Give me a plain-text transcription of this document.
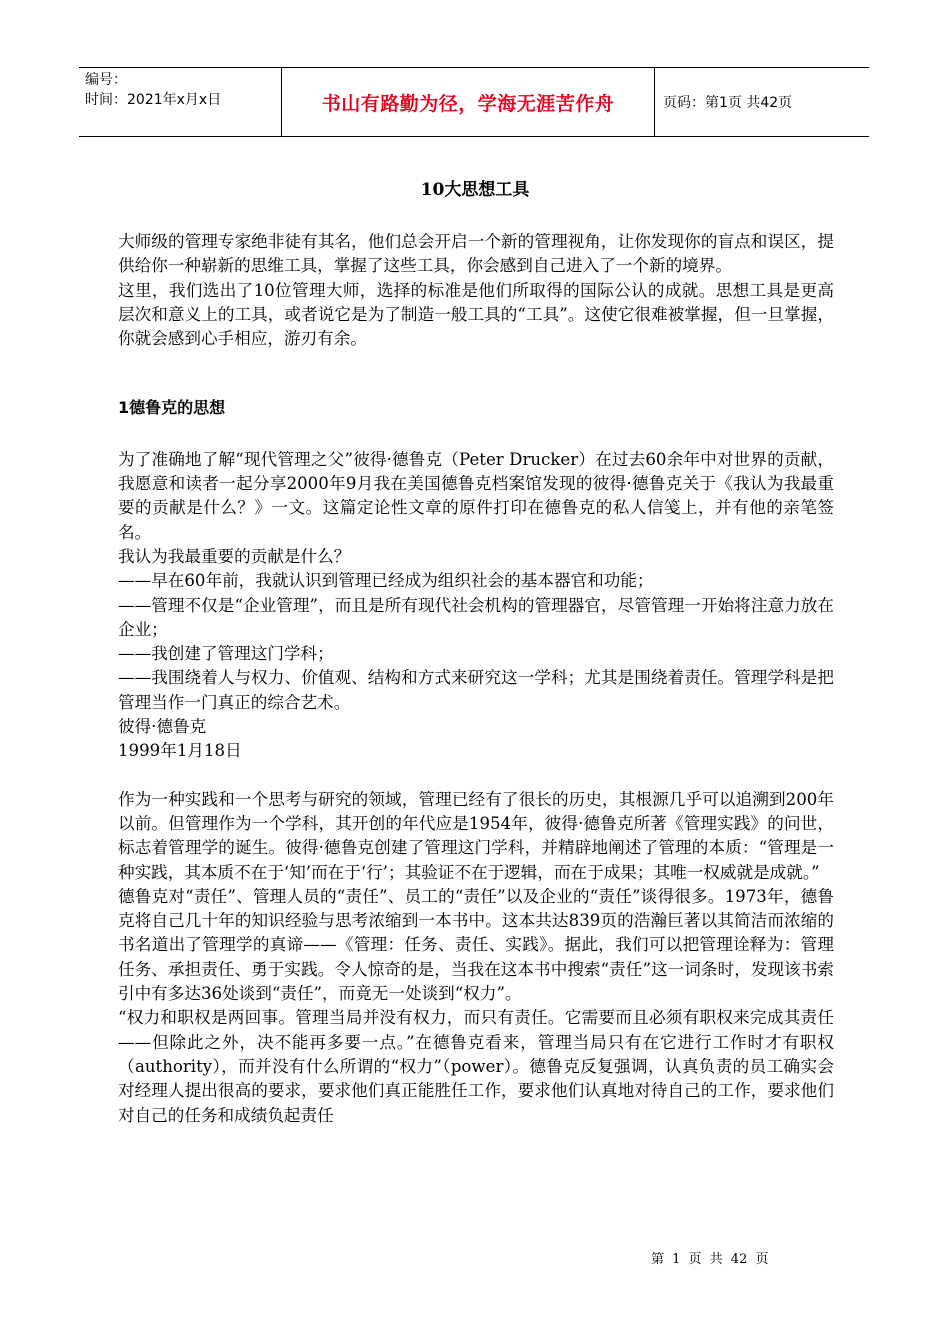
编号：
时间：2021年x月x日	书山有路勤为径，学海无涯苦作舟	页码：第1页 共42页
10大思想工具

大师级的管理专家绝非徒有其名，他们总会开启一个新的管理视角，让你发现你的盲点和误区，提供给你一种崭新的思维工具，掌握了这些工具，你会感到自己进入了一个新的境界。

这里，我们选出了10位管理大师，选择的标准是他们所取得的国际公认的成就。思想工具是更高层次和意义上的工具，或者说它是为了制造一般工具的“工具”。这使它很难被掌握，但一旦掌握，你就会感到心手相应，游刃有余。

1德鲁克的思想

为了准确地了解“现代管理之父”彼得·德鲁克（Peter Drucker）在过去60余年中对世界的贡献，我愿意和读者一起分享2000年9月我在美国德鲁克档案馆发现的彼得·德鲁克关于《我认为我最重要的贡献是什么？》一文。这篇定论性文章的原件打印在德鲁克的私人信笺上，并有他的亲笔签名。

我认为我最重要的贡献是什么？

——早在60年前，我就认识到管理已经成为组织社会的基本器官和功能；

——管理不仅是“企业管理”，而且是所有现代社会机构的管理器官，尽管管理一开始将注意力放在企业；

——我创建了管理这门学科；

——我围绕着人与权力、价值观、结构和方式来研究这一学科；尤其是围绕着责任。管理学科是把管理当作一门真正的综合艺术。

彼得·德鲁克

1999年1月18日

作为一种实践和一个思考与研究的领域，管理已经有了很长的历史，其根源几乎可以追溯到200年以前。但管理作为一个学科，其开创的年代应是1954年，彼得·德鲁克所著《管理实践》的问世，标志着管理学的诞生。彼得·德鲁克创建了管理这门学科，并精辟地阐述了管理的本质：“管理是一种实践，其本质不在于‘知’而在于‘行’；其验证不在于逻辑，而在于成果；其唯一权威就是成就。”

德鲁克对“责任”、管理人员的“责任”、员工的“责任”以及企业的“责任”谈得很多。1973年，德鲁克将自己几十年的知识经验与思考浓缩到一本书中。这本共达839页的浩瀚巨著以其简洁而浓缩的书名道出了管理学的真谛——《管理：任务、责任、实践》。据此，我们可以把管理诠释为：管理任务、承担责任、勇于实践。令人惊奇的是，当我在这本书中搜索“责任”这一词条时，发现该书索引中有多达36处谈到“责任”，而竟无一处谈到“权力”。

“权力和职权是两回事。管理当局并没有权力，而只有责任。它需要而且必须有职权来完成其责任——但除此之外，决不能再多要一点。”在德鲁克看来，管理当局只有在它进行工作时才有职权（authority），而并没有什么所谓的“权力”（power）。德鲁克反复强调，认真负责的员工确实会对经理人提出很高的要求，要求他们真正能胜任工作，要求他们认真地对待自己的工作，要求他们对自己的任务和成绩负起责任

第 1 页 共 42 页
